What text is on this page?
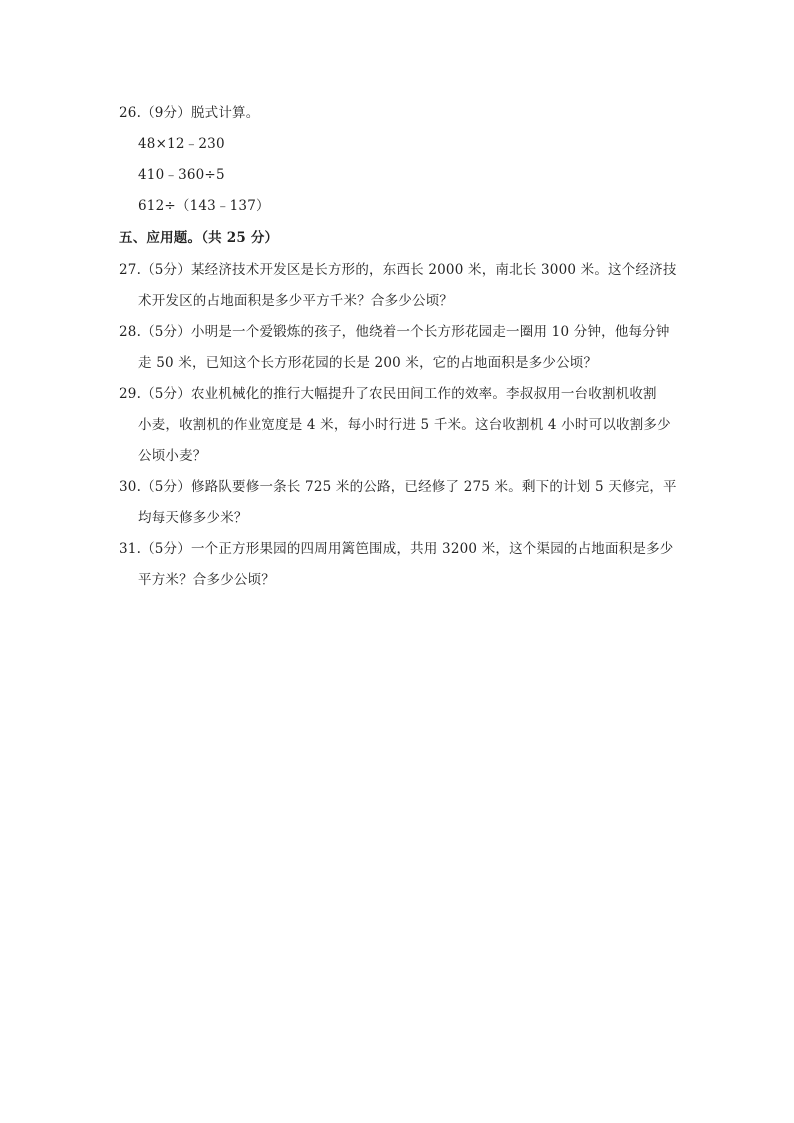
26.（9分）脱式计算。
48×12﹣230
410﹣360÷5
612÷（143﹣137）
五、应用题。（共 25 分）
27.（5分）某经济技术开发区是长方形的，东西长 2000 米，南北长 3000 米。这个经济技
术开发区的占地面积是多少平方千米？合多少公顷？
28.（5分）小明是一个爱锻炼的孩子，他绕着一个长方形花园走一圈用 10 分钟，他每分钟
走 50 米，已知这个长方形花园的长是 200 米，它的占地面积是多少公顷？
29.（5分）农业机械化的推行大幅提升了农民田间工作的效率。李叔叔用一台收割机收割
小麦，收割机的作业宽度是 4 米，每小时行进 5 千米。这台收割机 4 小时可以收割多少
公顷小麦？
30.（5分）修路队要修一条长 725 米的公路，已经修了 275 米。剩下的计划 5 天修完，平
均每天修多少米？
31.（5分）一个正方形果园的四周用篱笆围成，共用 3200 米，这个渠园的占地面积是多少
平方米？合多少公顷？
